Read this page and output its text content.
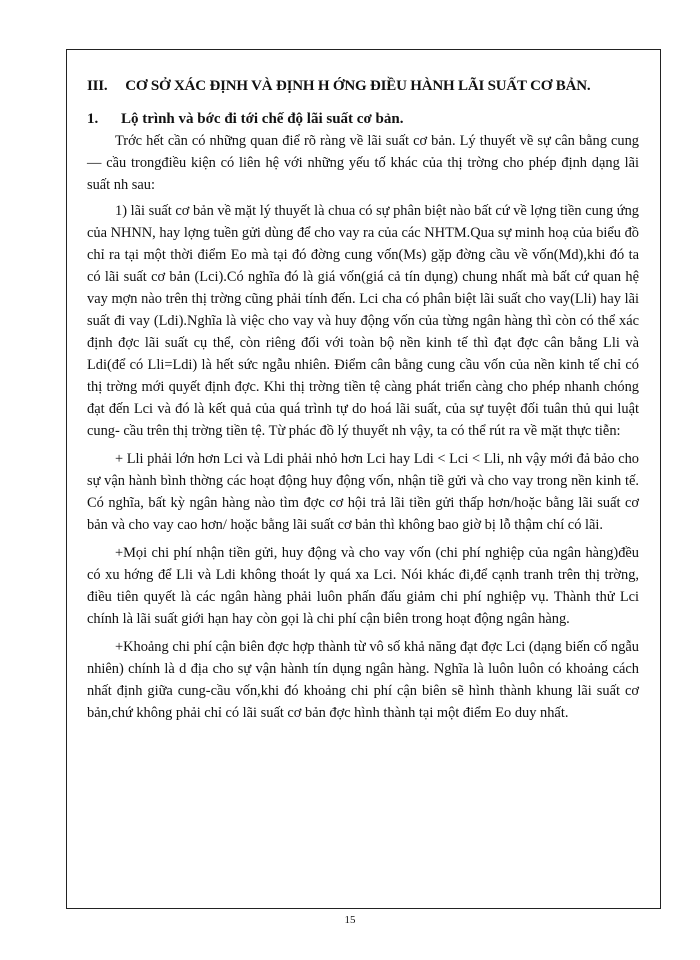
III. CƠ SỞ XÁC ĐỊNH VÀ ĐỊNH H ỚNG ĐIỀU HÀNH LÃI SUẤT CƠ BẢN.
1. Lộ trình và bớc đi tới chế độ lãi suất cơ bản.

Trớc hết cần có những quan điể rõ ràng về lãi suất cơ bản. Lý thuyết về sự cân bằng cung — cầu trongđiều kiện có liên hệ với những yếu tố khác của thị trờng cho phép định dạng lãi suất nh sau:

1) lãi suất cơ bản về mặt lý thuyết là chua có sự phân biệt nào bất cứ về lợng tiền cung ứng của NHNN, hay lợng tuền gửi dùng để cho vay ra của các NHTM.Qua sự minh hoạ của biểu đồ chỉ ra tại một thời điểm Eo mà tại đó đờng cung vốn(Ms) gặp đờng cầu về vốn(Md),khi đó ta có lãi suất cơ bản (Lci).Có nghĩa đó là giá vốn(giá cả tín dụng) chung nhất mà bất cứ quan hệ vay mợn nào trên thị trờng cũng phải tính đến. Lci cha có phân biệt lãi suất cho vay(Lli) hay lãi suất đi vay (Ldi).Nghĩa là việc cho vay và huy động vốn của từng ngân hàng thì còn có thể xác định đợc lãi suất cụ thể, còn riêng đối với toàn bộ nền kinh tế thì đạt đợc cân bằng Lli và Ldi(để có Lli=Ldi) là hết sức ngẫu nhiên. Điểm cân bằng cung cầu vốn của nền kinh tế chỉ có thị trờng mới quyết định đợc. Khi thị trờng tiền tệ càng phát triển càng cho phép nhanh chóng đạt đến Lci và đó là kết quả của quá trình tự do hoá lãi suất, của sự tuyệt đối tuân thủ qui luật cung- cầu trên thị trờng tiền tệ. Từ phác đồ lý thuyết nh vậy, ta có thể rút ra về mặt thực tiễn:

+ Lli phải lớn hơn Lci và Ldi phải nhỏ hơn Lci hay Ldi < Lci < Lli, nh vậy mới đả bảo cho sự vận hành bình thờng các hoạt động huy động vốn, nhận tiề gửi và cho vay trong nền kinh tế. Có nghĩa, bất kỳ ngân hàng nào tìm đợc cơ hội trả lãi tiền gửi thấp hơn/hoặc bằng lãi suất cơ bản và cho vay cao hơn/ hoặc bằng lãi suất cơ bản thì không bao giờ bị lỗ thậm chí có lãi.

+Mọi chi phí nhận tiền gửi, huy động và cho vay vốn (chi phí nghiệp của ngân hàng)đều có xu hớng để Lli và Ldi không thoát ly quá xa Lci. Nói khác đi,để cạnh tranh trên thị trờng, điều tiên quyết là các ngân hàng phải luôn phấn đấu giảm chi phí nghiệp vụ. Thành thử Lci chính là lãi suất giới hạn hay còn gọi là chi phí cận biên trong hoạt động ngân hàng.

+Khoảng chi phí cận biên đợc hợp thành từ vô số khả năng đạt đợc Lci (dạng biến cố ngẫu nhiên) chính là d địa cho sự vận hành tín dụng ngân hàng. Nghĩa là luôn luôn có khoảng cách nhất định giữa cung-cầu vốn,khi đó khoảng chi phí cận biên sẽ hình thành khung lãi suất cơ bản,chứ không phải chỉ có lãi suất cơ bản đợc hình thành tại một điểm Eo duy nhất.

15
